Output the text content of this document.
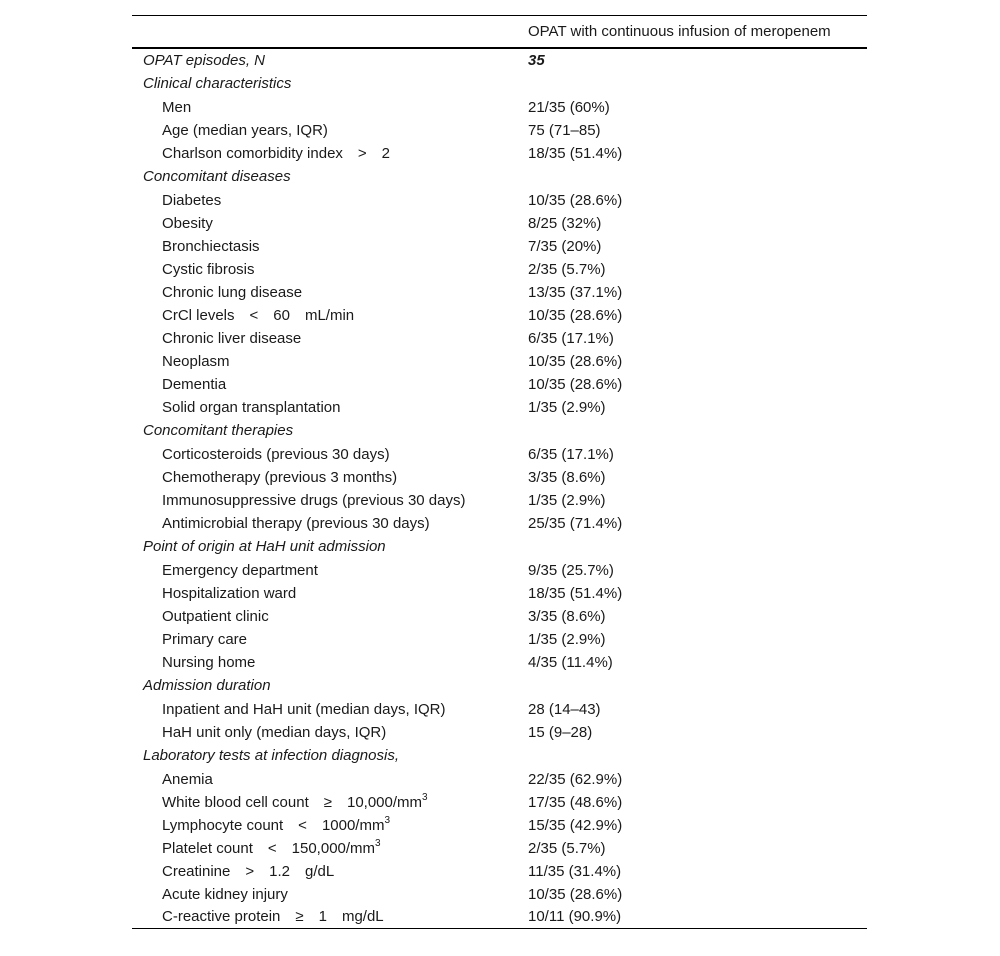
	OPAT with continuous infusion of meropenem
OPAT episodes, N	35
Clinical characteristics	
Men	21/35 (60%)
Age (median years, IQR)	75 (71–85)
Charlson comorbidity index > 2	18/35 (51.4%)
Concomitant diseases	
Diabetes	10/35 (28.6%)
Obesity	8/25 (32%)
Bronchiectasis	7/35 (20%)
Cystic fibrosis	2/35 (5.7%)
Chronic lung disease	13/35 (37.1%)
CrCl levels < 60 mL/min	10/35 (28.6%)
Chronic liver disease	6/35 (17.1%)
Neoplasm	10/35 (28.6%)
Dementia	10/35 (28.6%)
Solid organ transplantation	1/35 (2.9%)
Concomitant therapies	
Corticosteroids (previous 30 days)	6/35 (17.1%)
Chemotherapy (previous 3 months)	3/35 (8.6%)
Immunosuppressive drugs (previous 30 days)	1/35 (2.9%)
Antimicrobial therapy (previous 30 days)	25/35 (71.4%)
Point of origin at HaH unit admission	
Emergency department	9/35 (25.7%)
Hospitalization ward	18/35 (51.4%)
Outpatient clinic	3/35 (8.6%)
Primary care	1/35 (2.9%)
Nursing home	4/35 (11.4%)
Admission duration	
Inpatient and HaH unit (median days, IQR)	28 (14–43)
HaH unit only (median days, IQR)	15 (9–28)
Laboratory tests at infection diagnosis,	
Anemia	22/35 (62.9%)
White blood cell count ≥ $10,000/mm^3$	17/35 (48.6%)
Lymphocyte count < $1000/mm^3$	15/35 (42.9%)
Platelet count < $150,000/mm^3$	2/35 (5.7%)
Creatinine > 1.2 g/dL	11/35 (31.4%)
Acute kidney injury	10/35 (28.6%)
C-reactive protein ≥ 1 mg/dL	10/11 (90.9%)
